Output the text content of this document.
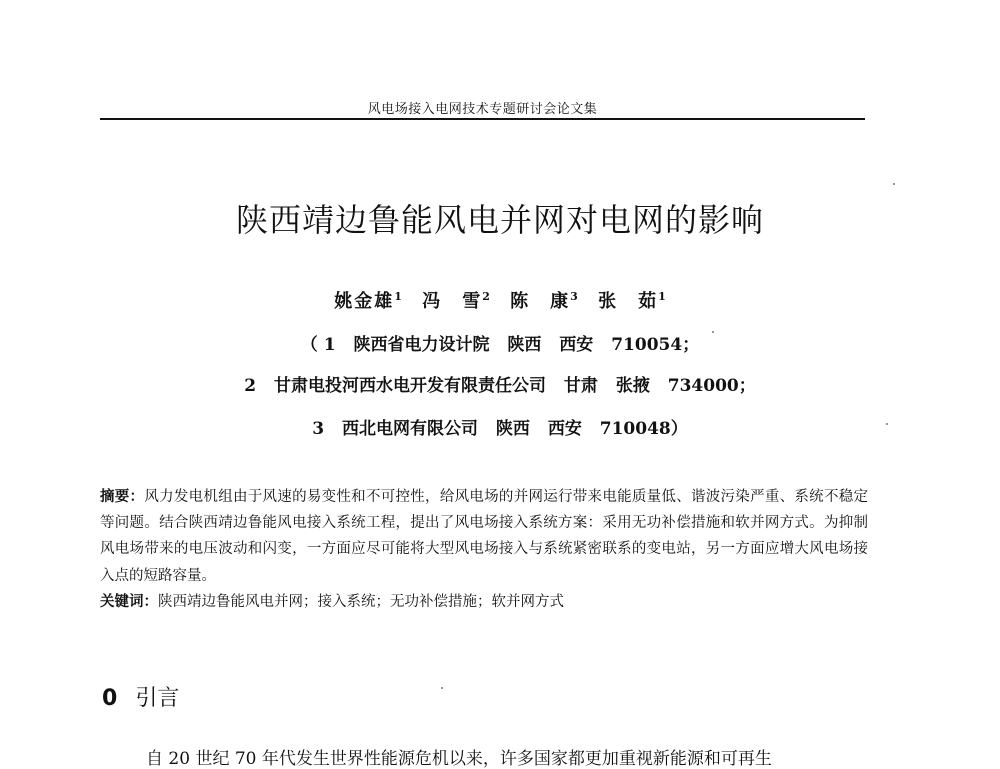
风电场接入电网技术专题研讨会论文集
陕西靖边鲁能风电并网对电网的影响
姚金雄$^1$ 冯　雪$^2$ 陈　康$^3$ 张　茹$^1$
（ 1 陕西省电力设计院 陕西 西安 710054；
2 甘肃电投河西水电开发有限责任公司 甘肃 张掖 734000；
3 西北电网有限公司 陕西 西安 710048）
摘要：风力发电机组由于风速的易变性和不可控性，给风电场的并网运行带来电能质量低、谐波污染严重、系统不稳定等问题。结合陕西靖边鲁能风电接入系统工程，提出了风电场接入系统方案：采用无功补偿措施和软并网方式。为抑制风电场带来的电压波动和闪变，一方面应尽可能将大型风电场接入与系统紧密联系的变电站，另一方面应增大风电场接入点的短路容量。
关键词：陕西靖边鲁能风电并网；接入系统；无功补偿措施；软并网方式
0 引言
自 20 世纪 70 年代发生世界性能源危机以来，许多国家都更加重视新能源和可再生
